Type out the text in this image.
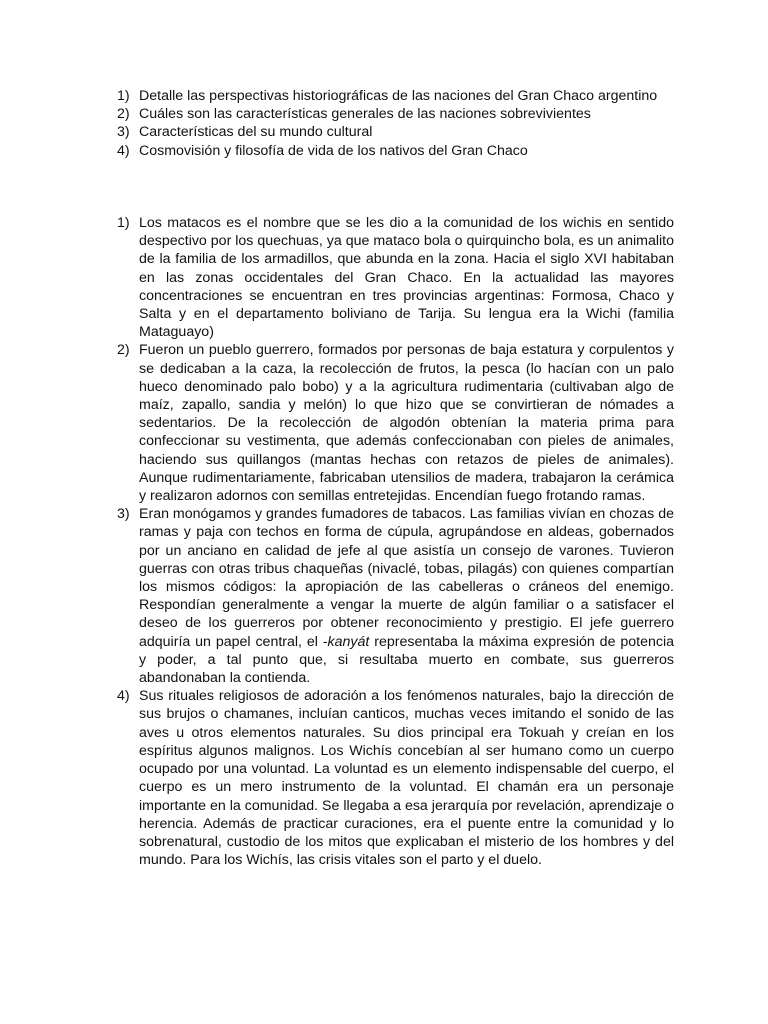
1) Detalle las perspectivas historiográficas de las naciones del Gran Chaco argentino
2) Cuáles son las características generales de las naciones sobrevivientes
3) Características del su mundo cultural
4) Cosmovisión y filosofía de vida de los nativos del Gran Chaco
1) Los matacos es el nombre que se les dio a la comunidad de los wichis en sentido despectivo por los quechuas, ya que mataco bola o quirquincho bola, es un animalito de la familia de los armadillos, que abunda en la zona. Hacia el siglo XVI habitaban en las zonas occidentales del Gran Chaco. En la actualidad las mayores concentraciones se encuentran en tres provincias argentinas: Formosa, Chaco y Salta y en el departamento boliviano de Tarija. Su lengua era la Wichi (familia Mataguayo)
2) Fueron un pueblo guerrero, formados por personas de baja estatura y corpulentos y se dedicaban a la caza, la recolección de frutos, la pesca (lo hacían con un palo hueco denominado palo bobo) y a la agricultura rudimentaria (cultivaban algo de maíz, zapallo, sandia y melón) lo que hizo que se convirtieran de nómades a sedentarios. De la recolección de algodón obtenían la materia prima para confeccionar su vestimenta, que además confeccionaban con pieles de animales, haciendo sus quillangos (mantas hechas con retazos de pieles de animales). Aunque rudimentariamente, fabricaban utensilios de madera, trabajaron la cerámica y realizaron adornos con semillas entretejidas. Encendían fuego frotando ramas.
3) Eran monógamos y grandes fumadores de tabacos. Las familias vivían en chozas de ramas y paja con techos en forma de cúpula, agrupándose en aldeas, gobernados por un anciano en calidad de jefe al que asistía un consejo de varones. Tuvieron guerras con otras tribus chaqueñas (nivaclé, tobas, pilagás) con quienes compartían los mismos códigos: la apropiación de las cabelleras o cráneos del enemigo. Respondían generalmente a vengar la muerte de algún familiar o a satisfacer el deseo de los guerreros por obtener reconocimiento y prestigio. El jefe guerrero adquiría un papel central, el -kanyát representaba la máxima expresión de potencia y poder, a tal punto que, si resultaba muerto en combate, sus guerreros abandonaban la contienda.
4) Sus rituales religiosos de adoración a los fenómenos naturales, bajo la dirección de sus brujos o chamanes, incluían canticos, muchas veces imitando el sonido de las aves u otros elementos naturales. Su dios principal era Tokuah y creían en los espíritus algunos malignos. Los Wichís concebían al ser humano como un cuerpo ocupado por una voluntad. La voluntad es un elemento indispensable del cuerpo, el cuerpo es un mero instrumento de la voluntad. El chamán era un personaje importante en la comunidad. Se llegaba a esa jerarquía por revelación, aprendizaje o herencia. Además de practicar curaciones, era el puente entre la comunidad y lo sobrenatural, custodio de los mitos que explicaban el misterio de los hombres y del mundo. Para los Wichís, las crisis vitales son el parto y el duelo.
